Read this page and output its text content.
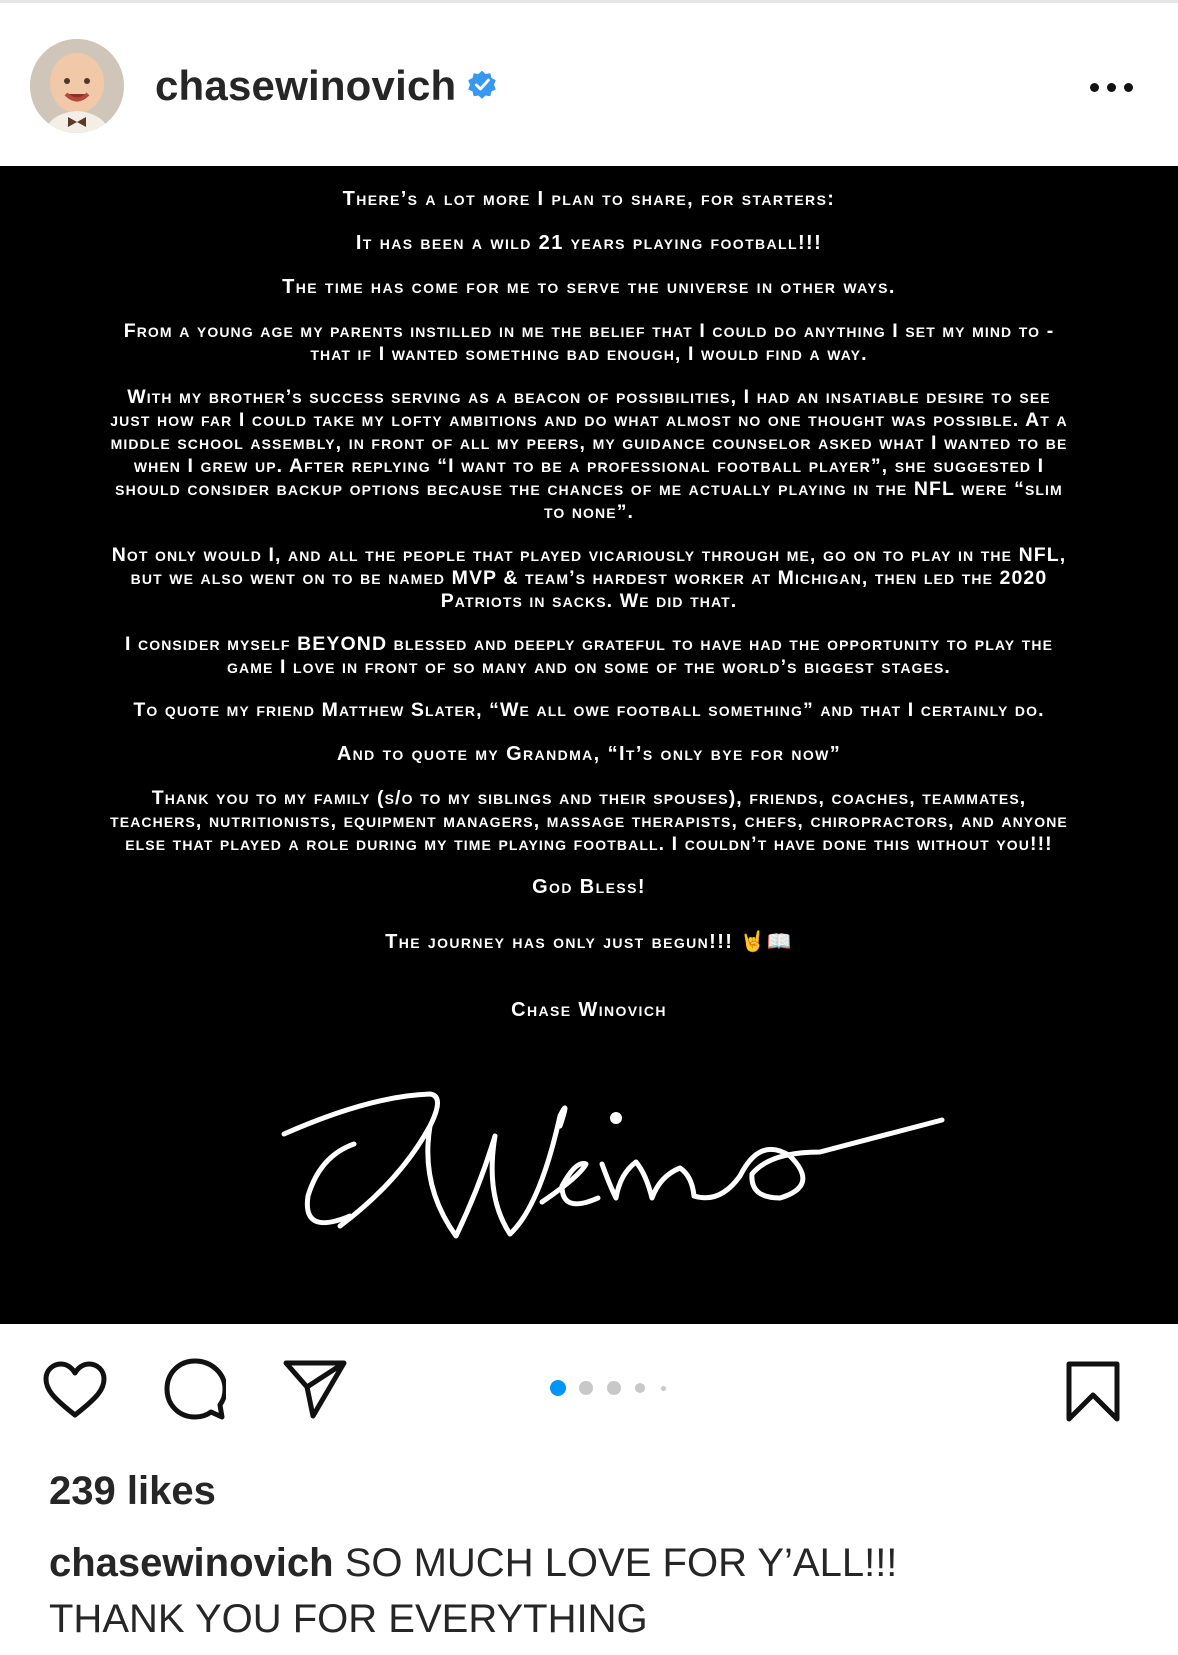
chasewinovich
There’s a lot more I plan to share, for starters:
It has been a wild 21 years playing football!!!
The time has come for me to serve the universe in other ways.
From a young age my parents instilled in me the belief that I could do anything I set my mind to -
that if I wanted something bad enough, I would find a way.
With my brother’s success serving as a beacon of possibilities, I had an insatiable desire to see
just how far I could take my lofty ambitions and do what almost no one thought was possible. At a
middle school assembly, in front of all my peers, my guidance counselor asked what I wanted to be
when I grew up. After replying “I want to be a professional football player”, she suggested I
should consider backup options because the chances of me actually playing in the NFL were “slim
to none”.
Not only would I, and all the people that played vicariously through me, go on to play in the NFL,
but we also went on to be named MVP & team’s hardest worker at Michigan, then led the 2020
Patriots in sacks. We did that.
I consider myself BEYOND blessed and deeply grateful to have had the opportunity to play the
game I love in front of so many and on some of the world’s biggest stages.
To quote my friend Matthew Slater, “We all owe football something” and that I certainly do.
And to quote my Grandma, “It’s only bye for now”
Thank you to my family (s/o to my siblings and their spouses), friends, coaches, teammates,
teachers, nutritionists, equipment managers, massage therapists, chefs, chiropractors, and anyone
else that played a role during my time playing football. I couldn’t have done this without you!!!
God Bless!
The journey has only just begun!!! 🤘📖
Chase Winovich
239 likes
chasewinovich SO MUCH LOVE FOR Y’ALL!!!
THANK YOU FOR EVERYTHING
